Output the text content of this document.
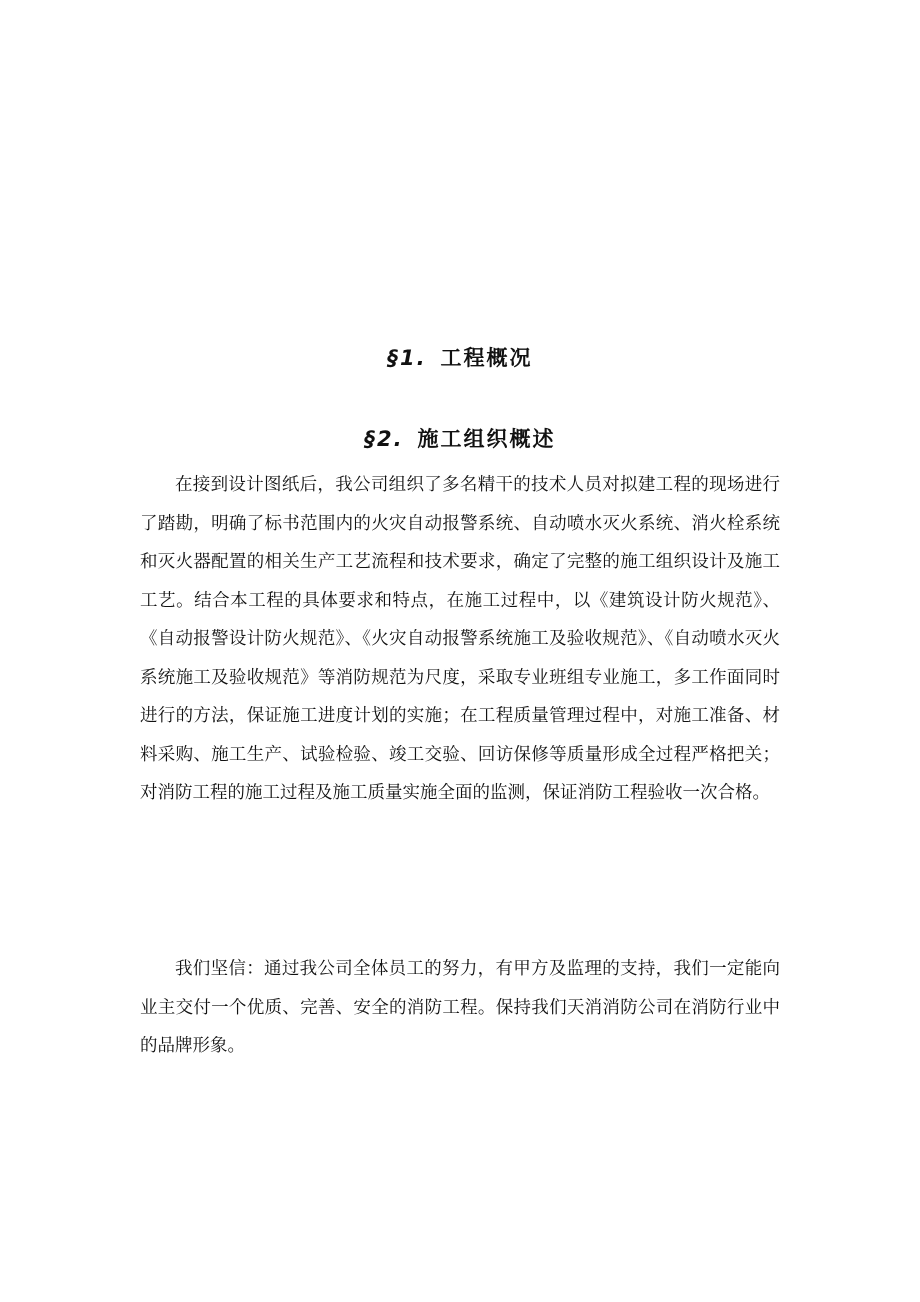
§1. 工程概况
§2. 施工组织概述

在接到设计图纸后，我公司组织了多名精干的技术人员对拟建工程的现场进行了踏勘，明确了标书范围内的火灾自动报警系统、自动喷水灭火系统、消火栓系统和灭火器配置的相关生产工艺流程和技术要求，确定了完整的施工组织设计及施工工艺。结合本工程的具体要求和特点，在施工过程中，以《建筑设计防火规范》、《自动报警设计防火规范》、《火灾自动报警系统施工及验收规范》、《自动喷水灭火系统施工及验收规范》等消防规范为尺度，采取专业班组专业施工，多工作面同时进行的方法，保证施工进度计划的实施；在工程质量管理过程中，对施工准备、材料采购、施工生产、试验检验、竣工交验、回访保修等质量形成全过程严格把关；对消防工程的施工过程及施工质量实施全面的监测，保证消防工程验收一次合格。

我们坚信：通过我公司全体员工的努力，有甲方及监理的支持，我们一定能向业主交付一个优质、完善、安全的消防工程。保持我们天消消防公司在消防行业中的品牌形象。
